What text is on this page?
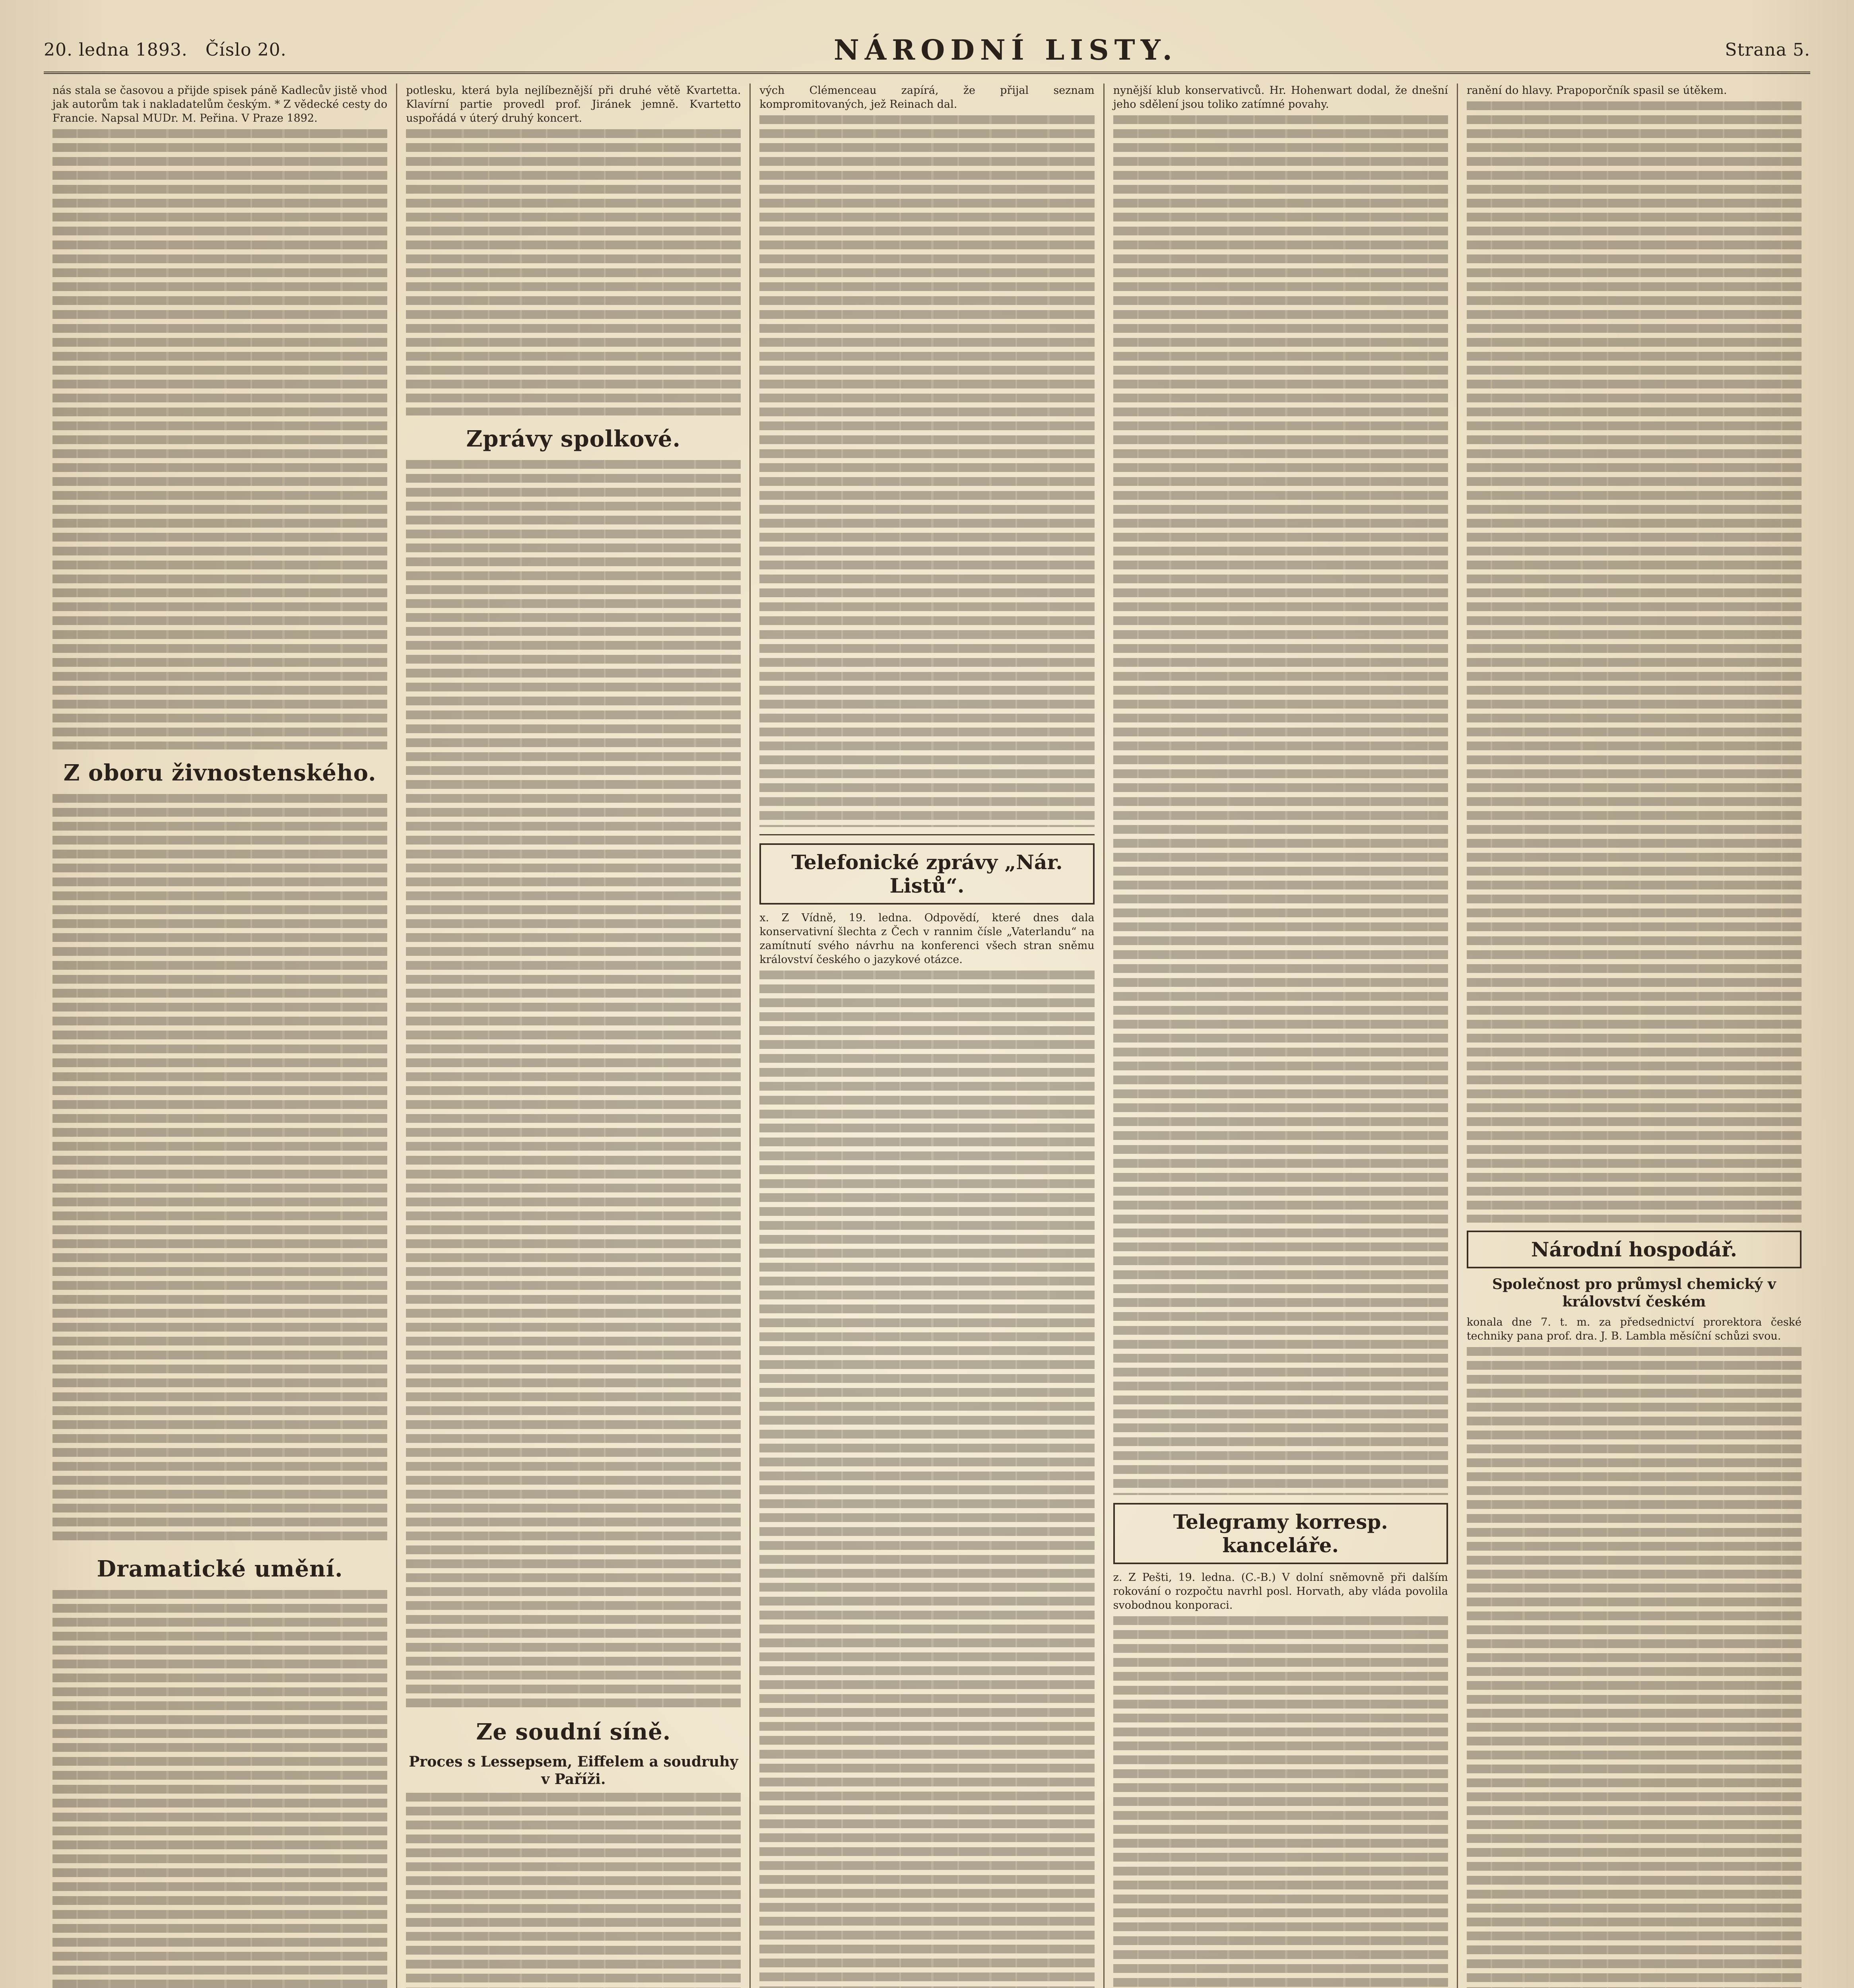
20. ledna 1893. Číslo 20.	NÁRODNÍ LISTY.	Strana 5.

nás stala se časovou a přijde spisek páně Kadlecův jistě vhod jak autorům tak i nakladatelům českým. * Z vědecké cesty do Francie. Napsal MUDr. M. Peřina. V Praze 1892.

Z oboru živnostenského.
Dramatické umění.

potlesku, která byla nejlíbeznější při druhé větě Kvartetta. Klavírní partie provedl prof. Jiránek jemně. Kvartetto uspořádá v úterý druhý koncert.

Zprávy spolkové.
Ze soudní síně.
Proces s Lessepsem, Eiffelem a soudruhy v Paříži.

vých Clémenceau zapírá, že přijal seznam kompromitovaných, jež Reinach dal.

Telefonické zprávy „Nár. Listů“.

x. Z Vídně, 19. ledna. Odpovědí, které dnes dala konservativní šlechta z Čech v rannim čísle „Vaterlandu“ na zamítnutí svého návrhu na konferenci všech stran sněmu království českého o jazykové otázce.

nynější klub konservativců. Hr. Hohenwart dodal, že dnešní jeho sdělení jsou toliko zatímné povahy.

Telegramy korresp. kanceláře.

z. Z Pešti, 19. ledna. (C.-B.) V dolní sněmovně při dalším rokování o rozpočtu navrhl posl. Horvath, aby vláda povolila svobodnou konporaci.

ranění do hlavy. Prapoporčník spasil se útěkem.

Národní hospodář.
Společnost pro průmysl chemický v království českém

konala dne 7. t. m. za předsednictví prorektora české techniky pana prof. dra. J. B. Lambla měsíční schůzi svou.
